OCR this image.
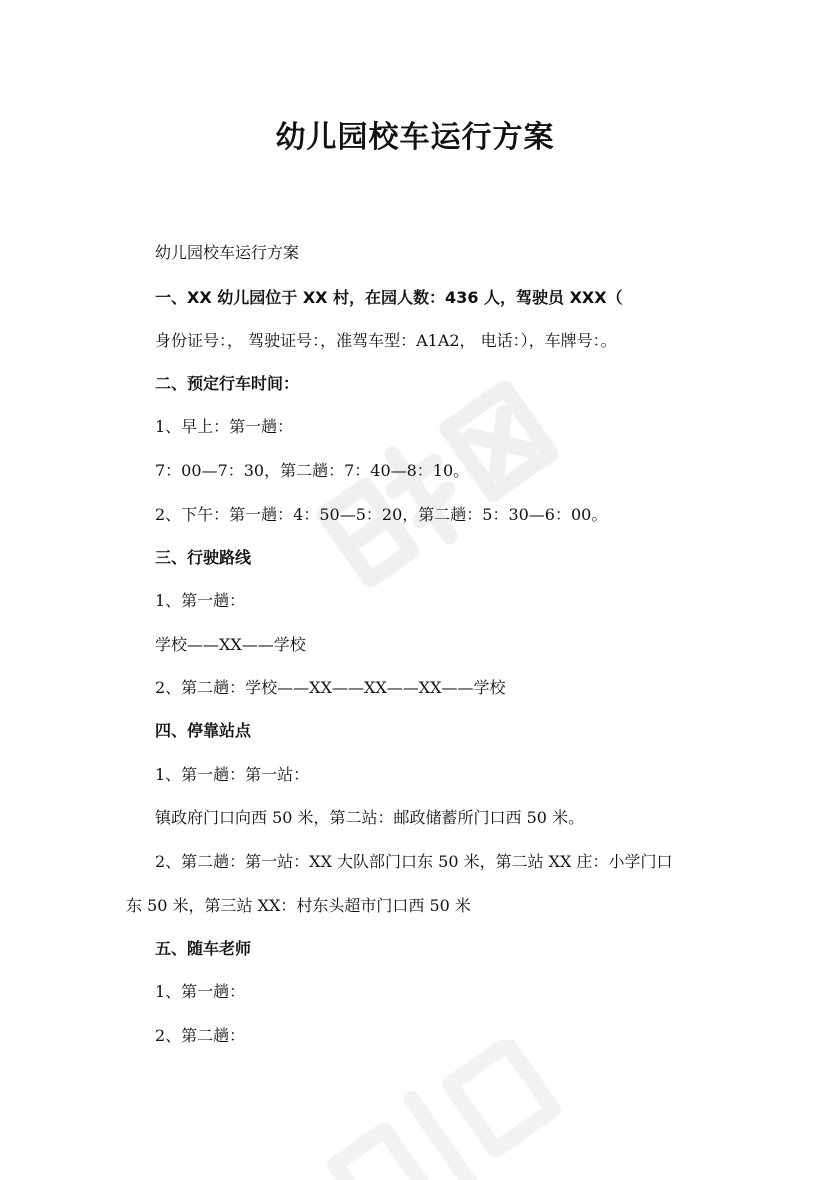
幼儿园校车运行方案

幼儿园校车运行方案

一、XX 幼儿园位于 XX 村，在园人数：436 人，驾驶员 XXX（

身份证号：， 驾驶证号：，准驾车型：A1A2， 电话：），车牌号：。

二、预定行车时间：

1、早上：第一趟：

7：00—7：30，第二趟：7：40—8：10。

2、下午：第一趟：4：50—5：20，第二趟：5：30—6：00。

三、行驶路线

1、第一趟：

学校——XX——学校

2、第二趟：学校——XX——XX——XX——学校

四、停靠站点

1、第一趟：第一站：

镇政府门口向西 50 米，第二站：邮政储蓄所门口西 50 米。

2、第二趟：第一站：XX 大队部门口东 50 米，第二站 XX 庄：小学门口

东 50 米，第三站 XX：村东头超市门口西 50 米

五、随车老师

1、第一趟：

2、第二趟：
